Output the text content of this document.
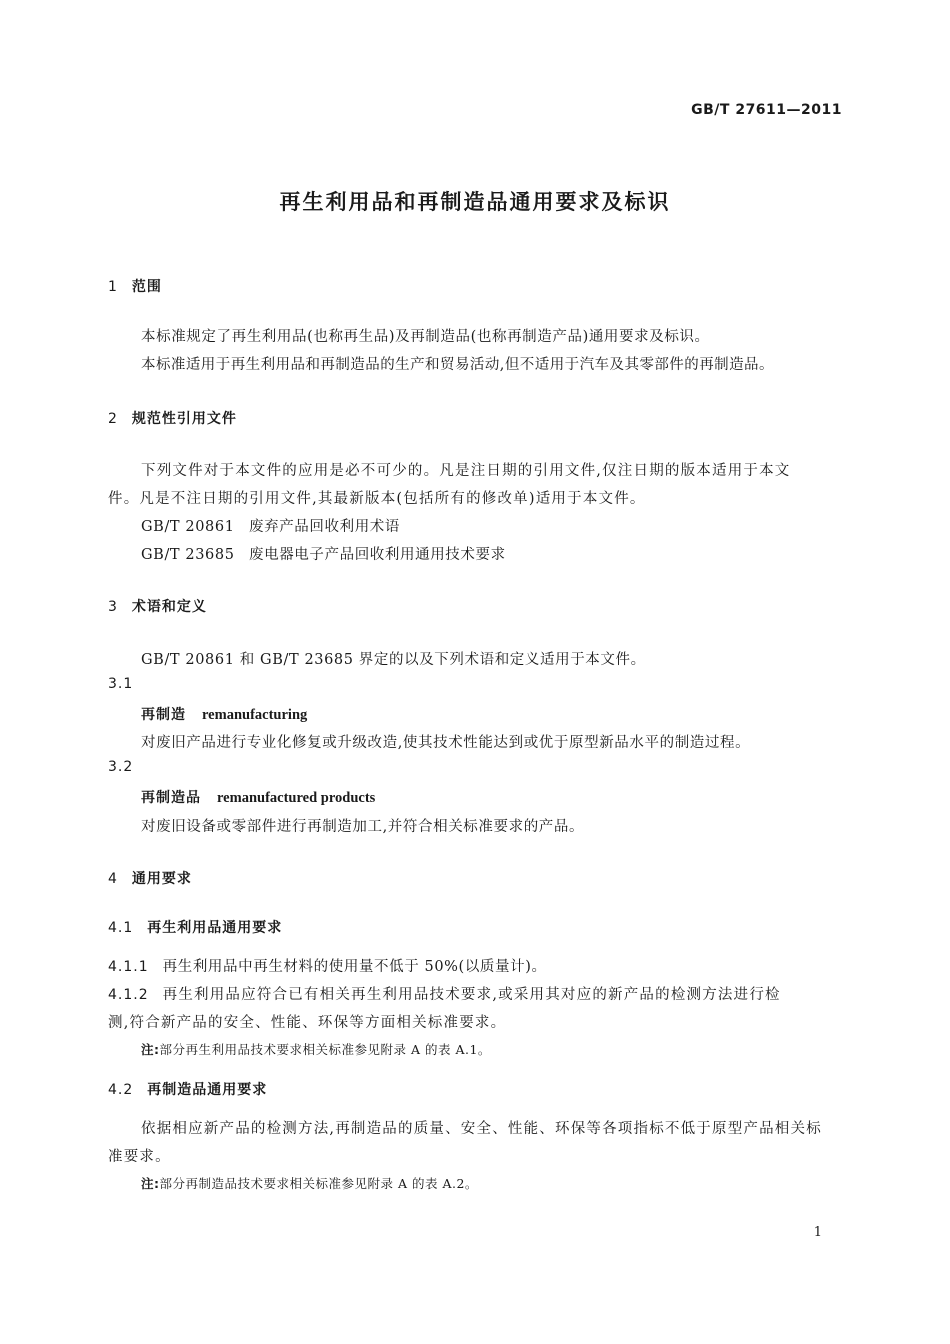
GB/T 27611—2011
再生利用品和再制造品通用要求及标识
1 范围
本标准规定了再生利用品(也称再生品)及再制造品(也称再制造产品)通用要求及标识。
本标准适用于再生利用品和再制造品的生产和贸易活动,但不适用于汽车及其零部件的再制造品。
2 规范性引用文件
下列文件对于本文件的应用是必不可少的。凡是注日期的引用文件,仅注日期的版本适用于本文
件。凡是不注日期的引用文件,其最新版本(包括所有的修改单)适用于本文件。
GB/T 20861 废弃产品回收利用术语
GB/T 23685 废电器电子产品回收利用通用技术要求
3 术语和定义
GB/T 20861 和 GB/T 23685 界定的以及下列术语和定义适用于本文件。
3.1
再制造 remanufacturing
对废旧产品进行专业化修复或升级改造,使其技术性能达到或优于原型新品水平的制造过程。
3.2
再制造品 remanufactured products
对废旧设备或零部件进行再制造加工,并符合相关标准要求的产品。
4 通用要求
4.1 再生利用品通用要求
4.1.1 再生利用品中再生材料的使用量不低于 50%(以质量计)。
4.1.2 再生利用品应符合已有相关再生利用品技术要求,或采用其对应的新产品的检测方法进行检
测,符合新产品的安全、性能、环保等方面相关标准要求。
注:部分再生利用品技术要求相关标准参见附录 A 的表 A.1。
4.2 再制造品通用要求
依据相应新产品的检测方法,再制造品的质量、安全、性能、环保等各项指标不低于原型产品相关标
准要求。
注:部分再制造品技术要求相关标准参见附录 A 的表 A.2。
1
